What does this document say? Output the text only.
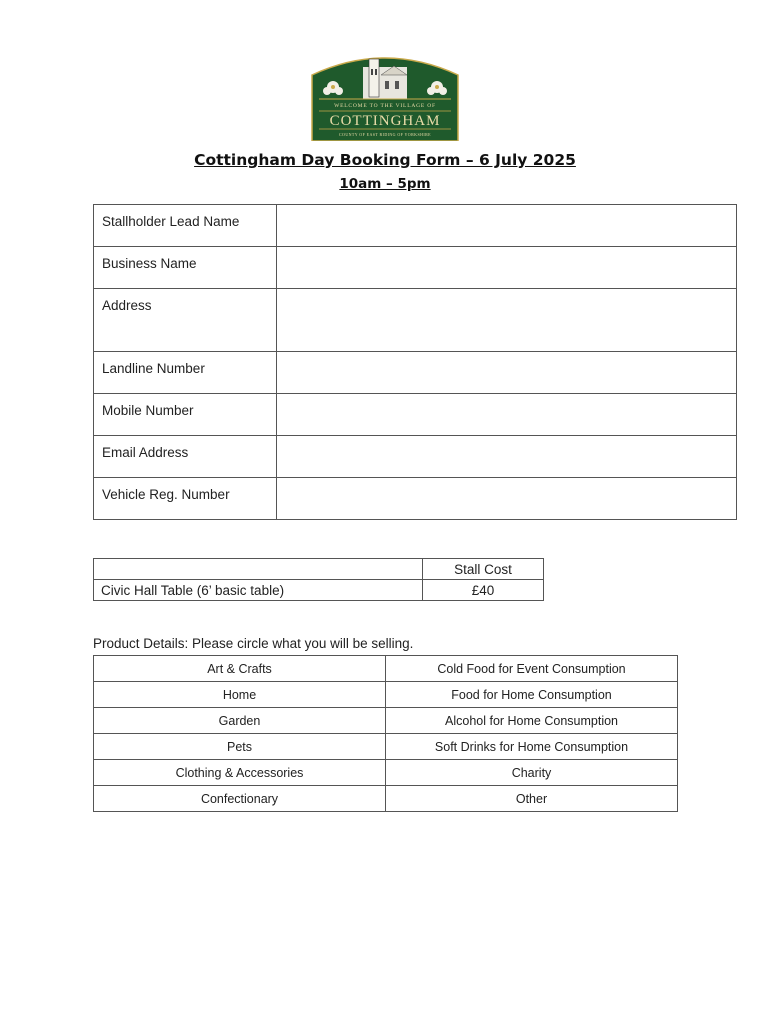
WELCOME TO THE VILLAGE OF
COTTINGHAM
COUNTY OF EAST RIDING OF YORKSHIRE
Cottingham Day Booking Form – 6 July 2025
10am – 5pm
Stallholder Lead Name	
Business Name	
Address	
Landline Number	
Mobile Number	
Email Address	
Vehicle Reg. Number	
	Stall Cost
Civic Hall Table (6’ basic table)	£40
Product Details: Please circle what you will be selling.
Art & Crafts	Cold Food for Event Consumption
Home	Food for Home Consumption
Garden	Alcohol for Home Consumption
Pets	Soft Drinks for Home Consumption
Clothing & Accessories	Charity
Confectionary	Other
